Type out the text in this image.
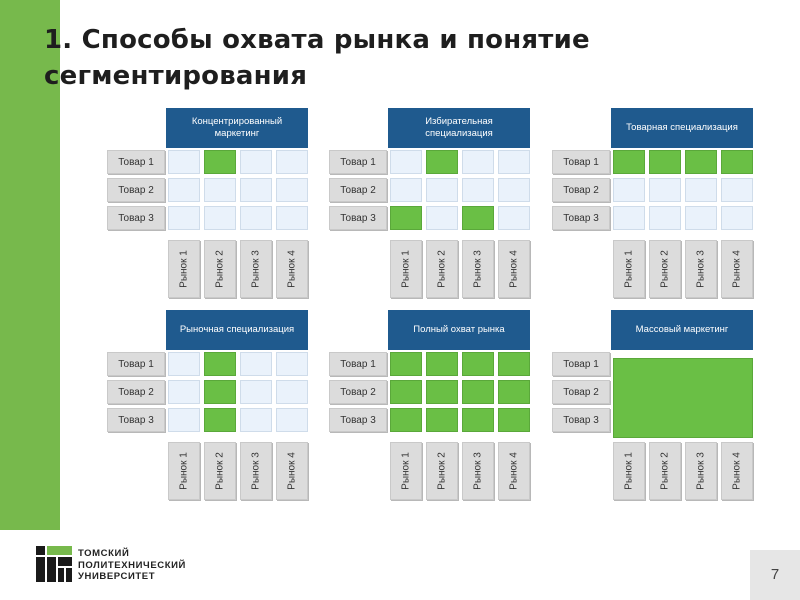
1. Способы охвата рынка и понятие сегментирования
Концентрированный маркетинг
Товар 1
Товар 2
Товар 3
Рынок 1	Рынок 2	Рынок 3	Рынок 4
Избирательная специализация
Товар 1
Товар 2
Товар 3
Рынок 1	Рынок 2	Рынок 3	Рынок 4
Товарная специализация
Товар 1
Товар 2
Товар 3
Рынок 1	Рынок 2	Рынок 3	Рынок 4
Рыночная специализация
Товар 1
Товар 2
Товар 3
Рынок 1	Рынок 2	Рынок 3	Рынок 4
Полный охват рынка
Товар 1
Товар 2
Товар 3
Рынок 1	Рынок 2	Рынок 3	Рынок 4
Массовый маркетинг
Товар 1
Товар 2
Товар 3
Рынок 1	Рынок 2	Рынок 3	Рынок 4
ТОМСКИЙ
ПОЛИТЕХНИЧЕСКИЙ
УНИВЕРСИТЕТ	7
